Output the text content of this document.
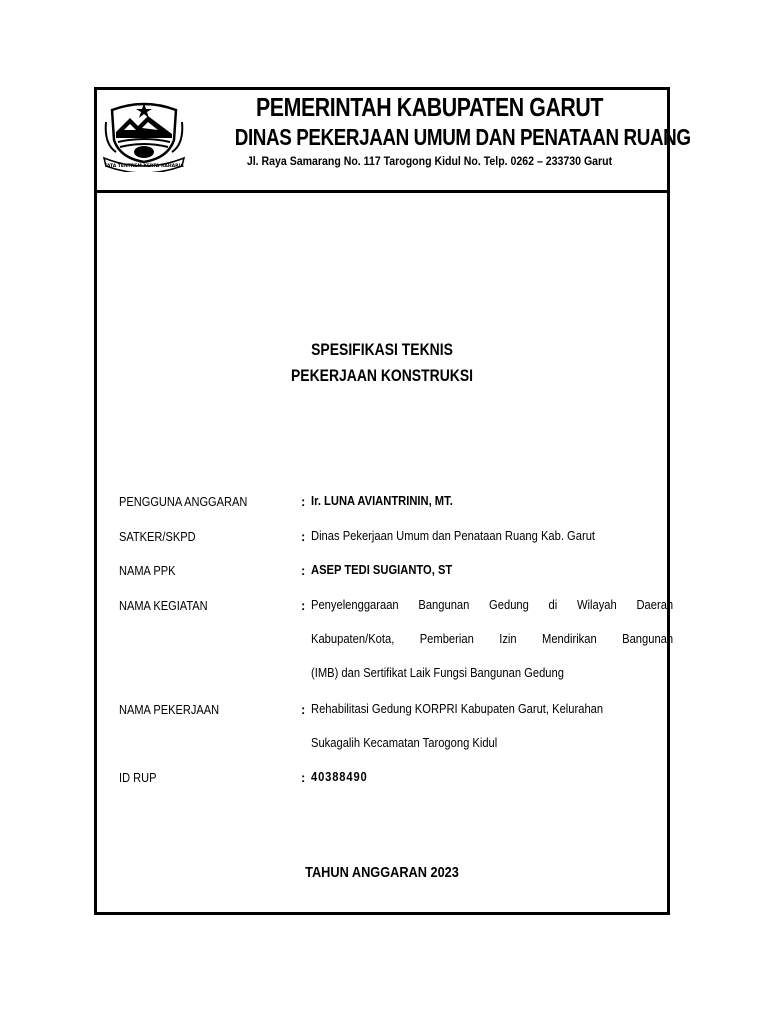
TATA TENTREM KERTA RAHARJA
PEMERINTAH KABUPATEN GARUT
DINAS PEKERJAAN UMUM DAN PENATAAN RUANG
Jl. Raya Samarang No. 117 Tarogong Kidul No. Telp. 0262 – 233730 Garut
SPESIFIKASI TEKNIS
PEKERJAAN KONSTRUKSI
PENGGUNA ANGGARAN	: Ir. LUNA AVIANTRININ, MT.
SATKER/SKPD	: Dinas Pekerjaan Umum dan Penataan Ruang Kab. Garut
NAMA PPK	: ASEP TEDI SUGIANTO, ST
NAMA KEGIATAN	: Penyelenggaraan Bangunan Gedung di Wilayah Daerah
Kabupaten/Kota, Pemberian Izin Mendirikan Bangunan
(IMB) dan Sertifikat Laik Fungsi Bangunan Gedung
NAMA PEKERJAAN	: Rehabilitasi Gedung KORPRI Kabupaten Garut, Kelurahan
Sukagalih Kecamatan Tarogong Kidul
ID RUP	: 40388490
TAHUN ANGGARAN 2023
